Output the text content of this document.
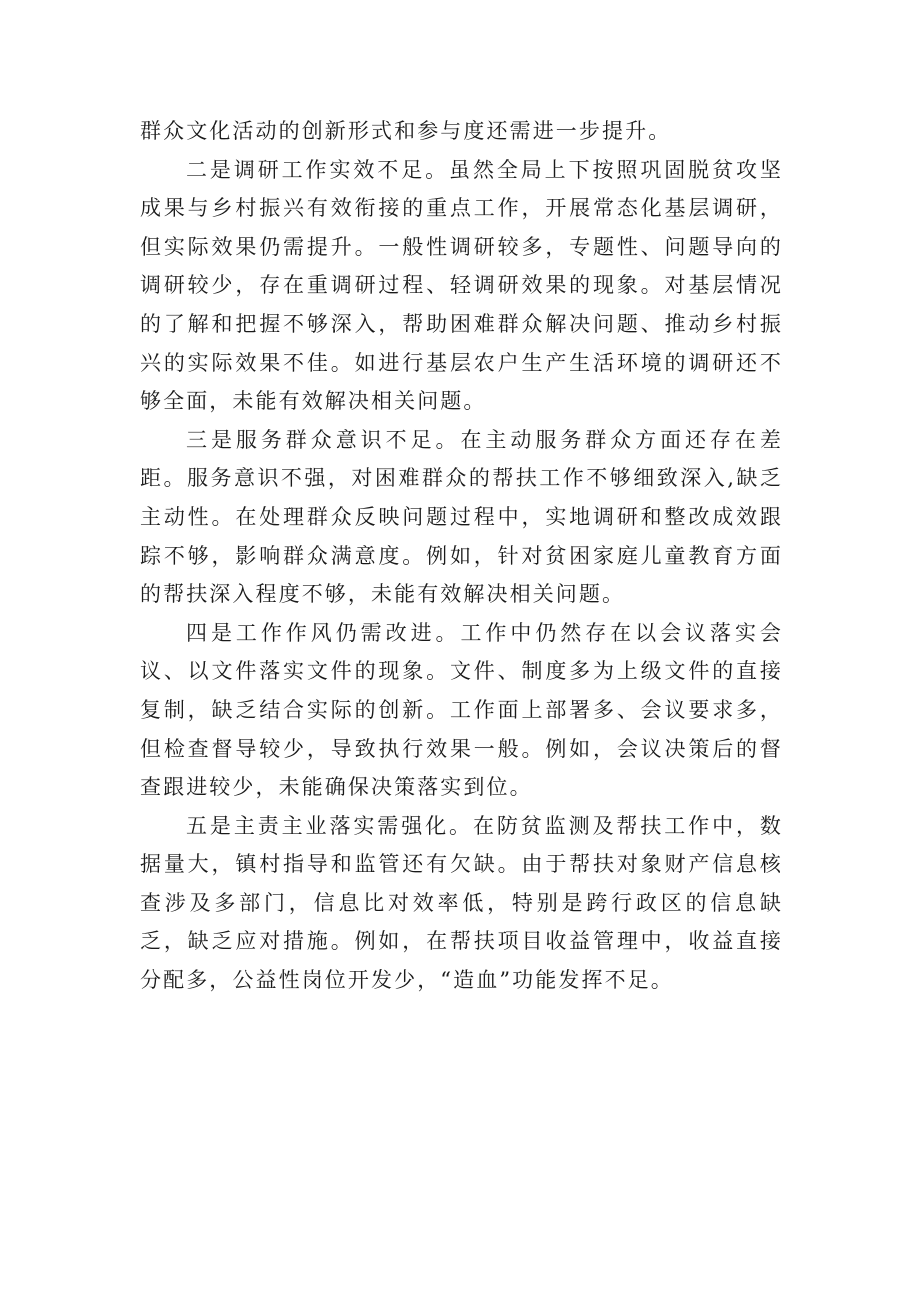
群众文化活动的创新形式和参与度还需进一步提升。

二是调研工作实效不足。虽然全局上下按照巩固脱贫攻坚成果与乡村振兴有效衔接的重点工作，开展常态化基层调研，但实际效果仍需提升。一般性调研较多，专题性、问题导向的调研较少，存在重调研过程、轻调研效果的现象。对基层情况的了解和把握不够深入，帮助困难群众解决问题、推动乡村振兴的实际效果不佳。如进行基层农户生产生活环境的调研还不够全面，未能有效解决相关问题。

三是服务群众意识不足。在主动服务群众方面还存在差距。服务意识不强，对困难群众的帮扶工作不够细致深入,缺乏主动性。在处理群众反映问题过程中，实地调研和整改成效跟踪不够，影响群众满意度。例如，针对贫困家庭儿童教育方面的帮扶深入程度不够，未能有效解决相关问题。

四是工作作风仍需改进。工作中仍然存在以会议落实会议、以文件落实文件的现象。文件、制度多为上级文件的直接复制，缺乏结合实际的创新。工作面上部署多、会议要求多，但检查督导较少，导致执行效果一般。例如，会议决策后的督查跟进较少，未能确保决策落实到位。

五是主责主业落实需强化。在防贫监测及帮扶工作中，数据量大，镇村指导和监管还有欠缺。由于帮扶对象财产信息核查涉及多部门，信息比对效率低，特别是跨行政区的信息缺乏，缺乏应对措施。例如，在帮扶项目收益管理中，收益直接分配多，公益性岗位开发少，“造血”功能发挥不足。
